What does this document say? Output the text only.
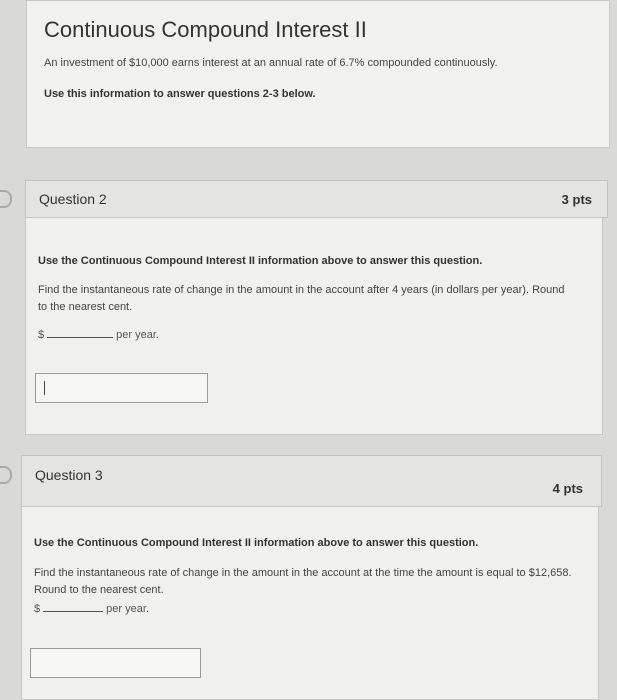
Continuous Compound Interest II
An investment of $10,000 earns interest at an annual rate of 6.7% compounded continuously.
Use this information to answer questions 2-3 below.
Question 2	3 pts
Use the Continuous Compound Interest II information above to answer this question.
Find the instantaneous rate of change in the amount in the account after 4 years (in dollars per year). Round to the nearest cent.
$	per year.
Question 3
4 pts
Use the Continuous Compound Interest II information above to answer this question.
Find the instantaneous rate of change in the amount in the account at the time the amount is equal to $12,658. Round to the nearest cent.
$	per year.
